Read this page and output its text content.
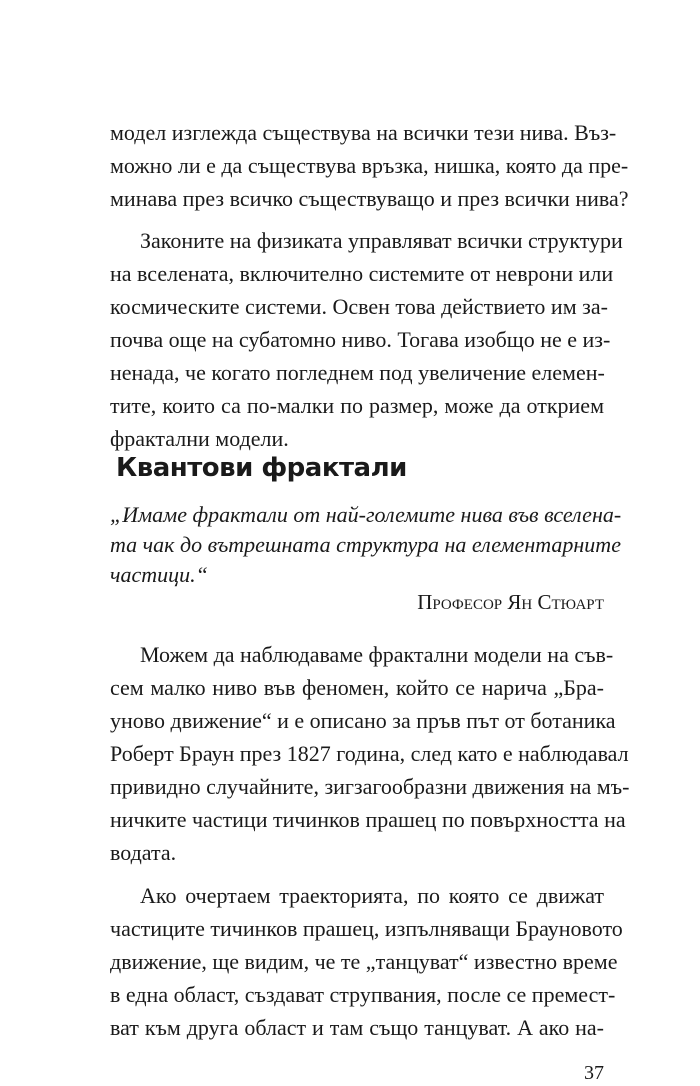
модел изглежда съществува на всички тези нива. Въз-
можно ли е да съществува връзка, нишка, която да пре-
минава през всичко съществуващо и през всички нива?
Законите на физиката управляват всички структури
на вселената, включително системите от неврони или
космическите системи. Освен това действието им за-
почва още на субатомно ниво. Тогава изобщо не е из-
ненада, че когато погледнем под увеличение елемен-
тите, които са по-малки по размер, може да открием
фрактални модели.
Квантови фрактали
„Имаме фрактали от най-големите нива във вселена-
та чак до вътрешната структура на елементарните
частици.“
Професор Ян Стюарт
Можем да наблюдаваме фрактални модели на съв-
сем малко ниво във феномен, който се нарича „Бра-
уново движение“ и е описано за пръв път от ботаника
Роберт Браун през 1827 година, след като е наблюдавал
привидно случайните, зигзагообразни движения на мъ-
ничките частици тичинков прашец по повърхността на
водата.
Ако очертаем траекторията, по която се движат
частиците тичинков прашец, изпълняващи Брауновото
движение, ще видим, че те „танцуват“ известно време
в една област, създават струпвания, после се премест-
ват към друга област и там също танцуват. А ако на-
37
